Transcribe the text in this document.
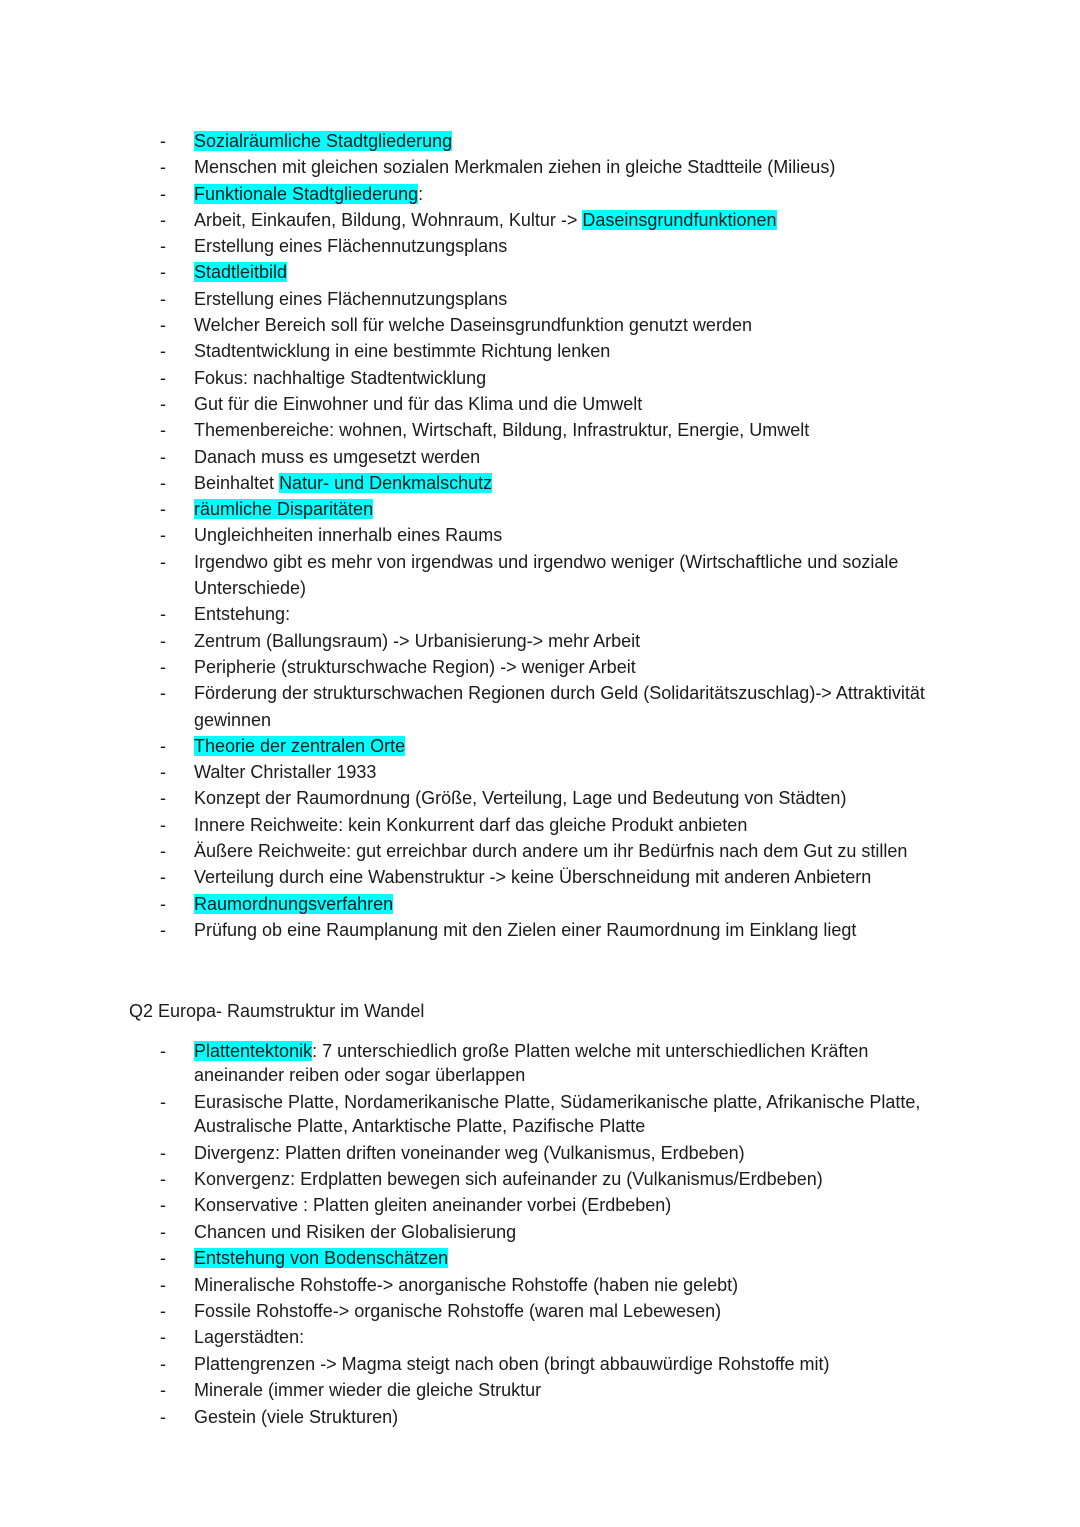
- Sozialräumliche Stadtgliederung
- Menschen mit gleichen sozialen Merkmalen ziehen in gleiche Stadtteile (Milieus)
- Funktionale Stadtgliederung:
- Arbeit, Einkaufen, Bildung, Wohnraum, Kultur -> Daseinsgrundfunktionen
- Erstellung eines Flächennutzungsplans
- Stadtleitbild
- Erstellung eines Flächennutzungsplans
- Welcher Bereich soll für welche Daseinsgrundfunktion genutzt werden
- Stadtentwicklung in eine bestimmte Richtung lenken
- Fokus: nachhaltige Stadtentwicklung
- Gut für die Einwohner und für das Klima und die Umwelt
- Themenbereiche: wohnen, Wirtschaft, Bildung, Infrastruktur, Energie, Umwelt
- Danach muss es umgesetzt werden
- Beinhaltet Natur- und Denkmalschutz
- räumliche Disparitäten
- Ungleichheiten innerhalb eines Raums
- Irgendwo gibt es mehr von irgendwas und irgendwo weniger (Wirtschaftliche und soziale Unterschiede)
- Entstehung:
- Zentrum (Ballungsraum) -> Urbanisierung-> mehr Arbeit
- Peripherie (strukturschwache Region) -> weniger Arbeit
- Förderung der strukturschwachen Regionen durch Geld (Solidaritätszuschlag)-> Attraktivität gewinnen
- Theorie der zentralen Orte
- Walter Christaller 1933
- Konzept der Raumordnung (Größe, Verteilung, Lage und Bedeutung von Städten)
- Innere Reichweite: kein Konkurrent darf das gleiche Produkt anbieten
- Äußere Reichweite: gut erreichbar durch andere um ihr Bedürfnis nach dem Gut zu stillen
- Verteilung durch eine Wabenstruktur -> keine Überschneidung mit anderen Anbietern
- Raumordnungsverfahren
- Prüfung ob eine Raumplanung mit den Zielen einer Raumordnung im Einklang liegt
Q2 Europa- Raumstruktur im Wandel
- Plattentektonik: 7 unterschiedlich große Platten welche mit unterschiedlichen Kräften aneinander reiben oder sogar überlappen
- Eurasische Platte, Nordamerikanische Platte, Südamerikanische platte, Afrikanische Platte, Australische Platte, Antarktische Platte, Pazifische Platte
- Divergenz: Platten driften voneinander weg (Vulkanismus, Erdbeben)
- Konvergenz: Erdplatten bewegen sich aufeinander zu (Vulkanismus/Erdbeben)
- Konservative : Platten gleiten aneinander vorbei (Erdbeben)
- Chancen und Risiken der Globalisierung
- Entstehung von Bodenschätzen
- Mineralische Rohstoffe-> anorganische Rohstoffe (haben nie gelebt)
- Fossile Rohstoffe-> organische Rohstoffe (waren mal Lebewesen)
- Lagerstädten:
- Plattengrenzen -> Magma steigt nach oben (bringt abbauwürdige Rohstoffe mit)
- Minerale (immer wieder die gleiche Struktur
- Gestein (viele Strukturen)
